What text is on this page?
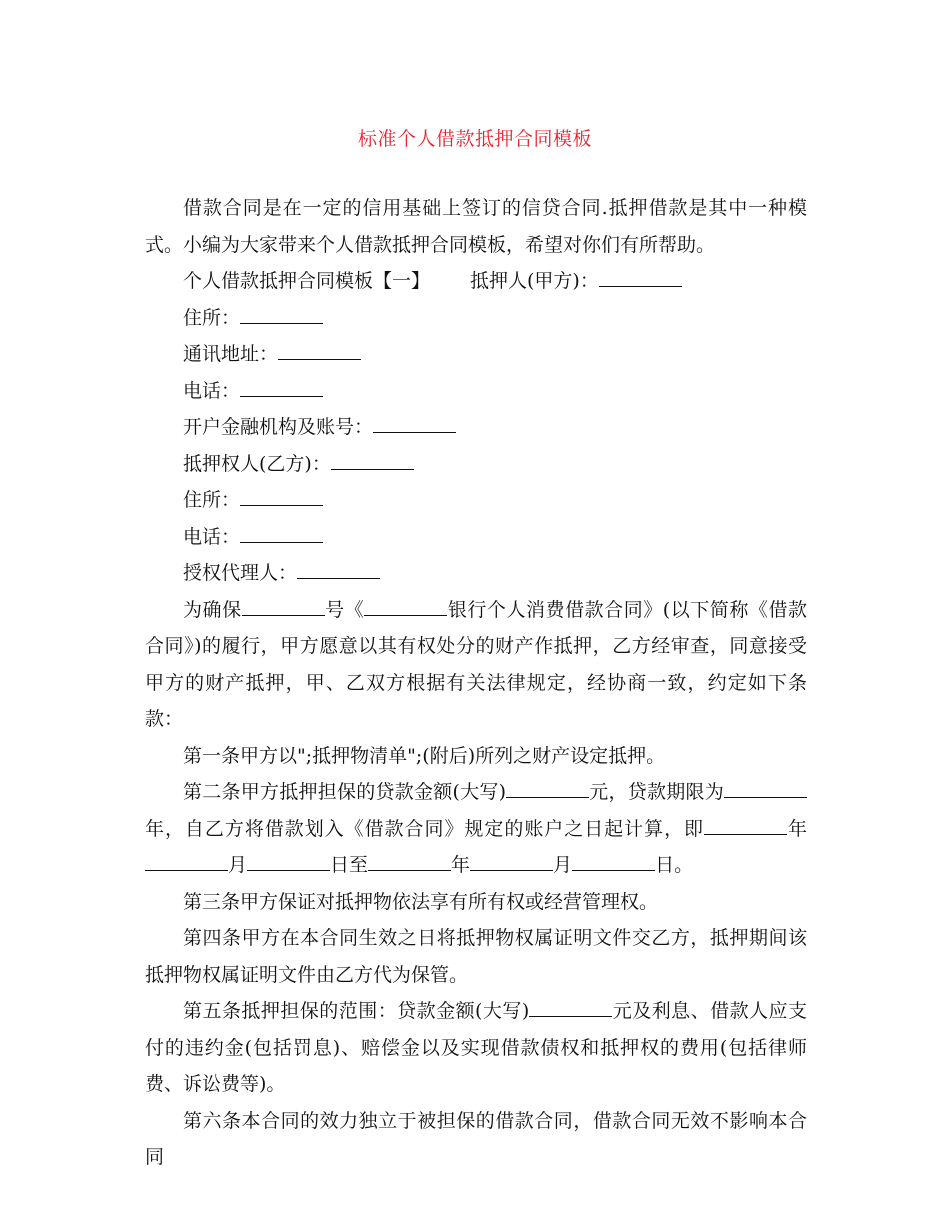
标准个人借款抵押合同模板

借款合同是在一定的信用基础上签订的信贷合同.抵押借款是其中一种模式。小编为大家带来个人借款抵押合同模板，希望对你们有所帮助。

个人借款抵押合同模板【一】 抵押人(甲方)：

住所：

通讯地址：

电话：

开户金融机构及账号：

抵押权人(乙方)：

住所：

电话：

授权代理人：

为确保	号《	银行个人消费借款合同》(以下简称《借款合同》)的履行，甲方愿意以其有权处分的财产作抵押，乙方经审查，同意接受甲方的财产抵押，甲、乙双方根据有关法律规定，经协商一致，约定如下条款：

第一条甲方以";抵押物清单";(附后)所列之财产设定抵押。

第二条甲方抵押担保的贷款金额(大写)	元，贷款期限为年，自乙方将借款划入《借款合同》规定的账户之日起计算，即	年月	日至	年	月	日。

第三条甲方保证对抵押物依法享有所有权或经营管理权。

第四条甲方在本合同生效之日将抵押物权属证明文件交乙方，抵押期间该抵押物权属证明文件由乙方代为保管。

第五条抵押担保的范围：贷款金额(大写)	元及利息、借款人应支付的违约金(包括罚息)、赔偿金以及实现借款债权和抵押权的费用(包括律师费、诉讼费等)。

第六条本合同的效力独立于被担保的借款合同，借款合同无效不影响本合同
